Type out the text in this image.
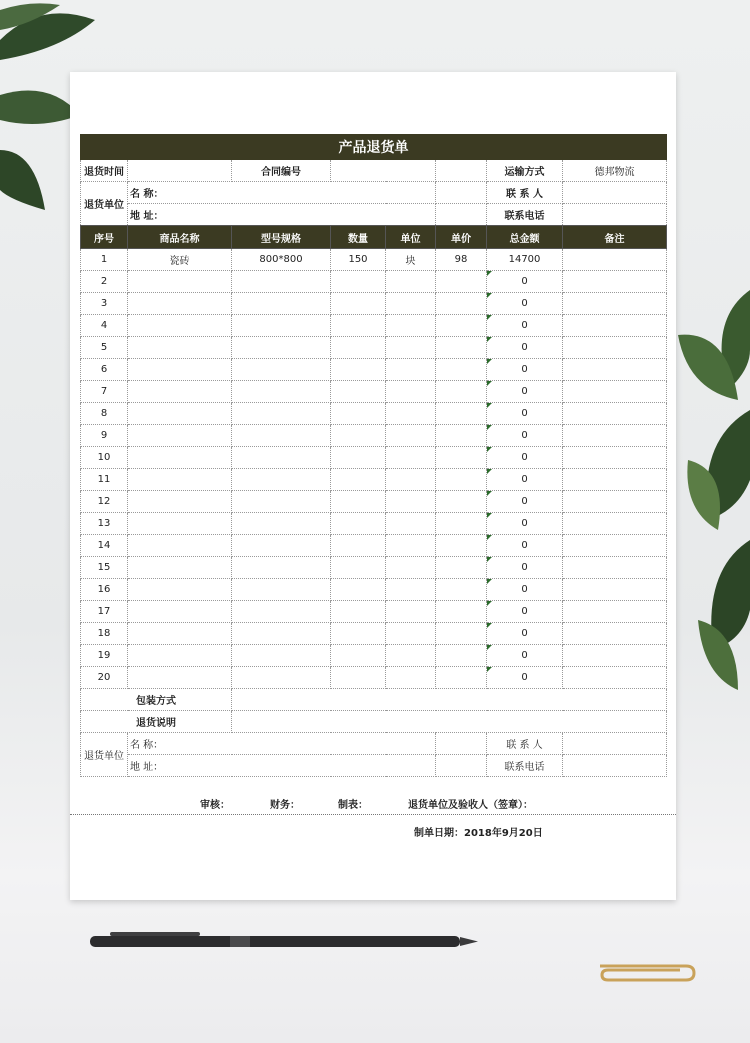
产品退货单							
退货时间		合同编号				运输方式	德邦物流
退货单位	名 称：					联 系 人	
	地 址：					联系电话	
序号	商品名称	型号规格	数量	单位	单价	总金额	备注
1	瓷砖	800*800	150	块	98	14700	
2						0	
3						0	
4						0	
5						0	
6						0	
7						0	
8						0	
9						0	
10						0	
11						0	
12						0	
13						0	
14						0	
15						0	
16						0	
17						0	
18						0	
19						0	
20						0	
包装方式							
退货说明							
退货单位	名 称：					联 系 人	
	地 址：					联系电话	
审核：	财务：	制表：	退货单位及验收人（签章）：
制单日期：2018年9月20日
